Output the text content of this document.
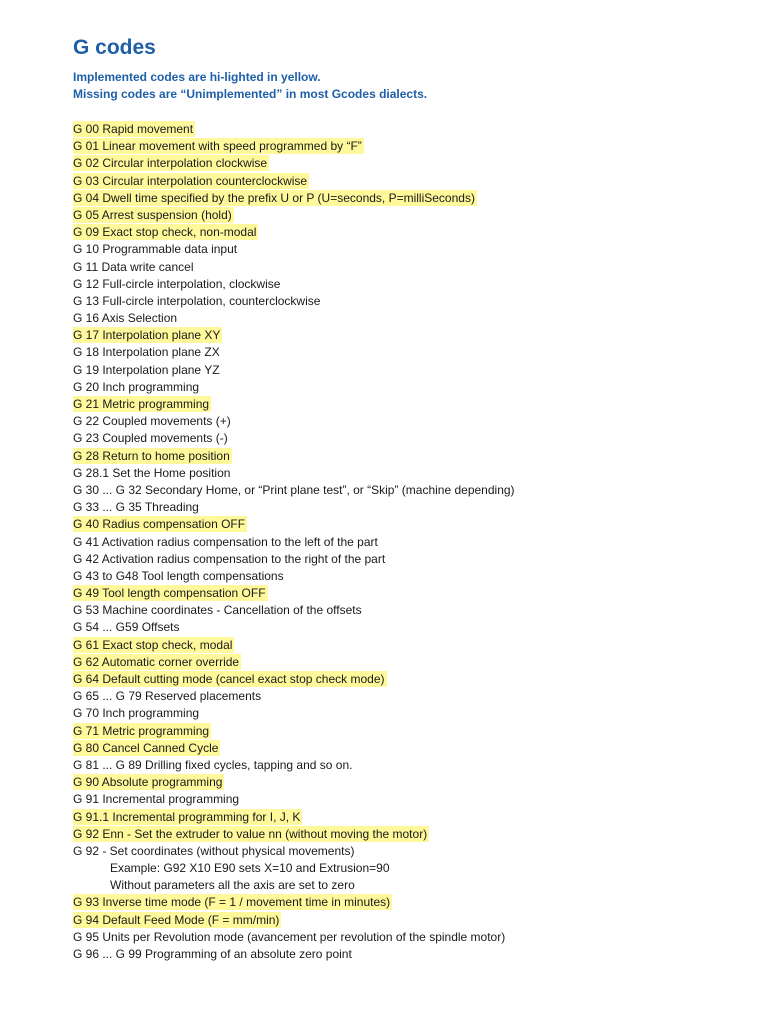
G codes

Implemented codes are hi-lighted in yellow.

Missing codes are “Unimplemented” in most Gcodes dialects.

G 00 Rapid movement
G 01 Linear movement with speed programmed by “F”
G 02 Circular interpolation clockwise
G 03 Circular interpolation counterclockwise
G 04 Dwell time specified by the prefix U or P (U=seconds, P=milliSeconds)
G 05 Arrest suspension (hold)
G 09 Exact stop check, non-modal
G 10 Programmable data input
G 11 Data write cancel
G 12 Full-circle interpolation, clockwise
G 13 Full-circle interpolation, counterclockwise
G 16 Axis Selection
G 17 Interpolation plane XY
G 18 Interpolation plane ZX
G 19 Interpolation plane YZ
G 20 Inch programming
G 21 Metric programming
G 22 Coupled movements (+)
G 23 Coupled movements (-)
G 28 Return to home position
G 28.1 Set the Home position
G 30 ... G 32 Secondary Home, or “Print plane test”, or “Skip” (machine depending)
G 33 ... G 35 Threading
G 40 Radius compensation OFF
G 41 Activation radius compensation to the left of the part
G 42 Activation radius compensation to the right of the part
G 43 to G48 Tool length compensations
G 49 Tool length compensation OFF
G 53 Machine coordinates - Cancellation of the offsets
G 54 ... G59 Offsets
G 61 Exact stop check, modal
G 62 Automatic corner override
G 64 Default cutting mode (cancel exact stop check mode)
G 65 ... G 79 Reserved placements
G 70 Inch programming
G 71 Metric programming
G 80 Cancel Canned Cycle
G 81 ... G 89 Drilling fixed cycles, tapping and so on.
G 90 Absolute programming
G 91 Incremental programming
G 91.1 Incremental programming for I, J, K
G 92 Enn - Set the extruder to value nn (without moving the motor)
G 92 - Set coordinates (without physical movements)
Example: G92 X10 E90 sets X=10 and Extrusion=90
Without parameters all the axis are set to zero
G 93 Inverse time mode (F = 1 / movement time in minutes)
G 94 Default Feed Mode (F = mm/min)
G 95 Units per Revolution mode (avancement per revolution of the spindle motor)
G 96 ... G 99 Programming of an absolute zero point
